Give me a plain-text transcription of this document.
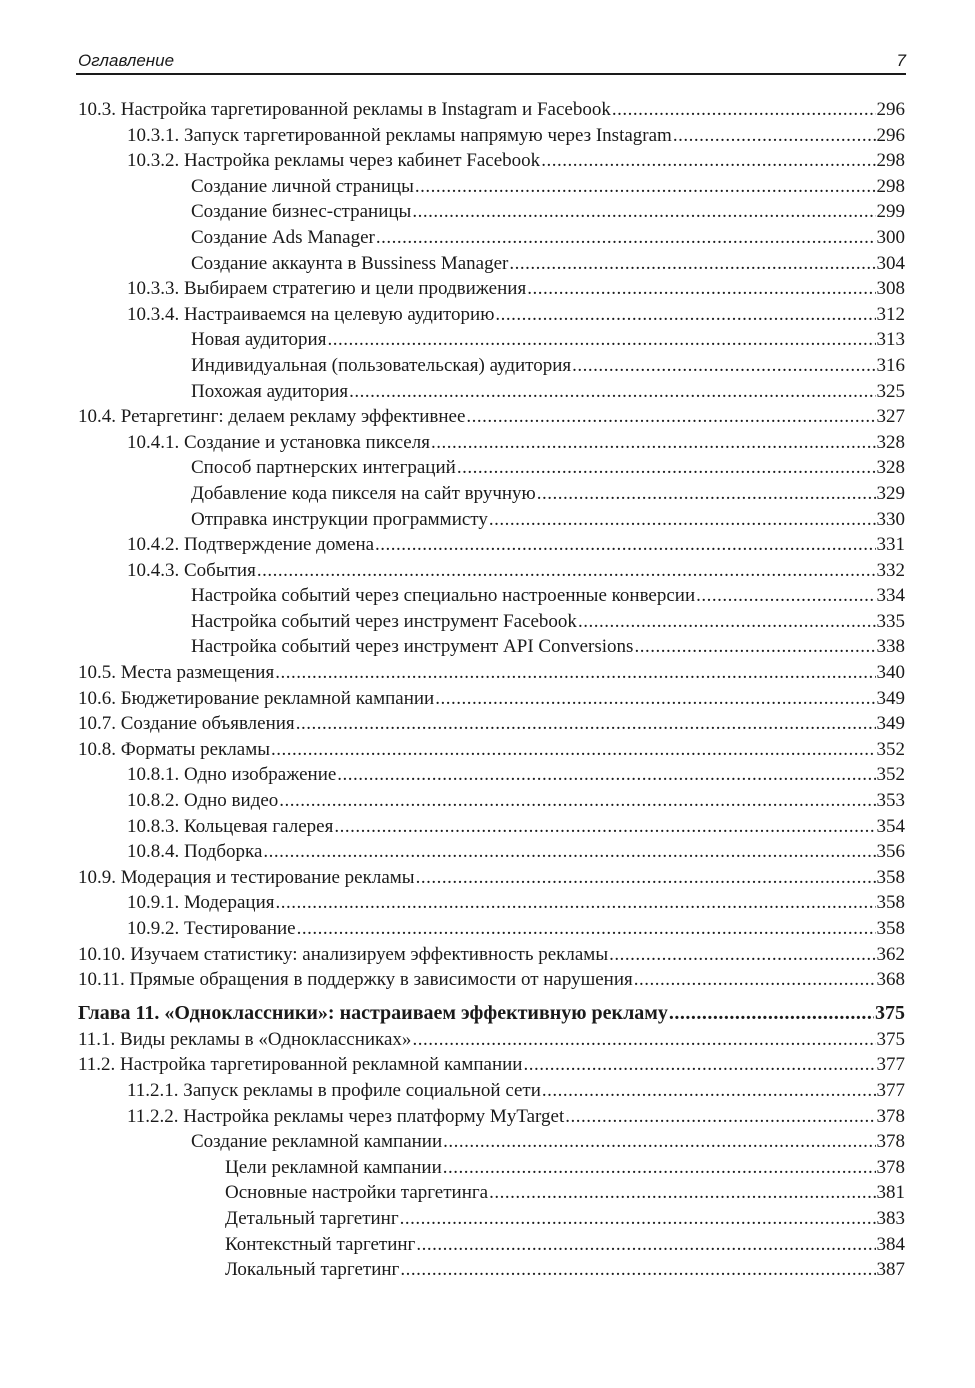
Оглавление	7
10.3. Настройка таргетированной рекламы в Instagram и Facebook .....	296
10.3.1. Запуск таргетированной рекламы напрямую через Instagram .....	296
10.3.2. Настройка рекламы через кабинет Facebook .....	298
Создание личной страницы .....	298
Создание бизнес-страницы .....	299
Создание Ads Manager .....	300
Создание аккаунта в Bussiness Manager .....	304
10.3.3. Выбираем стратегию и цели продвижения .....	308
10.3.4. Настраиваемся на целевую аудиторию .....	312
Новая аудитория .....	313
Индивидуальная (пользовательская) аудитория .....	316
Похожая аудитория .....	325
10.4. Ретаргетинг: делаем рекламу эффективнее .....	327
10.4.1. Создание и установка пикселя .....	328
Способ партнерских интеграций .....	328
Добавление кода пикселя на сайт вручную .....	329
Отправка инструкции программисту .....	330
10.4.2. Подтверждение домена .....	331
10.4.3. События .....	332
Настройка событий через специально настроенные конверсии .....	334
Настройка событий через инструмент Facebook .....	335
Настройка событий через инструмент API Conversions .....	338
10.5. Места размещения .....	340
10.6. Бюджетирование рекламной кампании .....	349
10.7. Создание объявления .....	349
10.8. Форматы рекламы .....	352
10.8.1. Одно изображение .....	352
10.8.2. Одно видео .....	353
10.8.3. Кольцевая галерея .....	354
10.8.4. Подборка .....	356
10.9. Модерация и тестирование рекламы .....	358
10.9.1. Модерация .....	358
10.9.2. Тестирование .....	358
10.10. Изучаем статистику: анализируем эффективность рекламы .....	362
10.11. Прямые обращения в поддержку в зависимости от нарушения .....	368
Глава 11. «Одноклассники»: настраиваем эффективную рекламу .....	375
11.1. Виды рекламы в «Одноклассниках» .....	375
11.2. Настройка таргетированной рекламной кампании .....	377
11.2.1. Запуск рекламы в профиле социальной сети .....	377
11.2.2. Настройка рекламы через платформу MyTarget .....	378
Создание рекламной кампании .....	378
Цели рекламной кампании .....	378
Основные настройки таргетинга .....	381
Детальный таргетинг .....	383
Контекстный таргетинг .....	384
Локальный таргетинг .....	387
